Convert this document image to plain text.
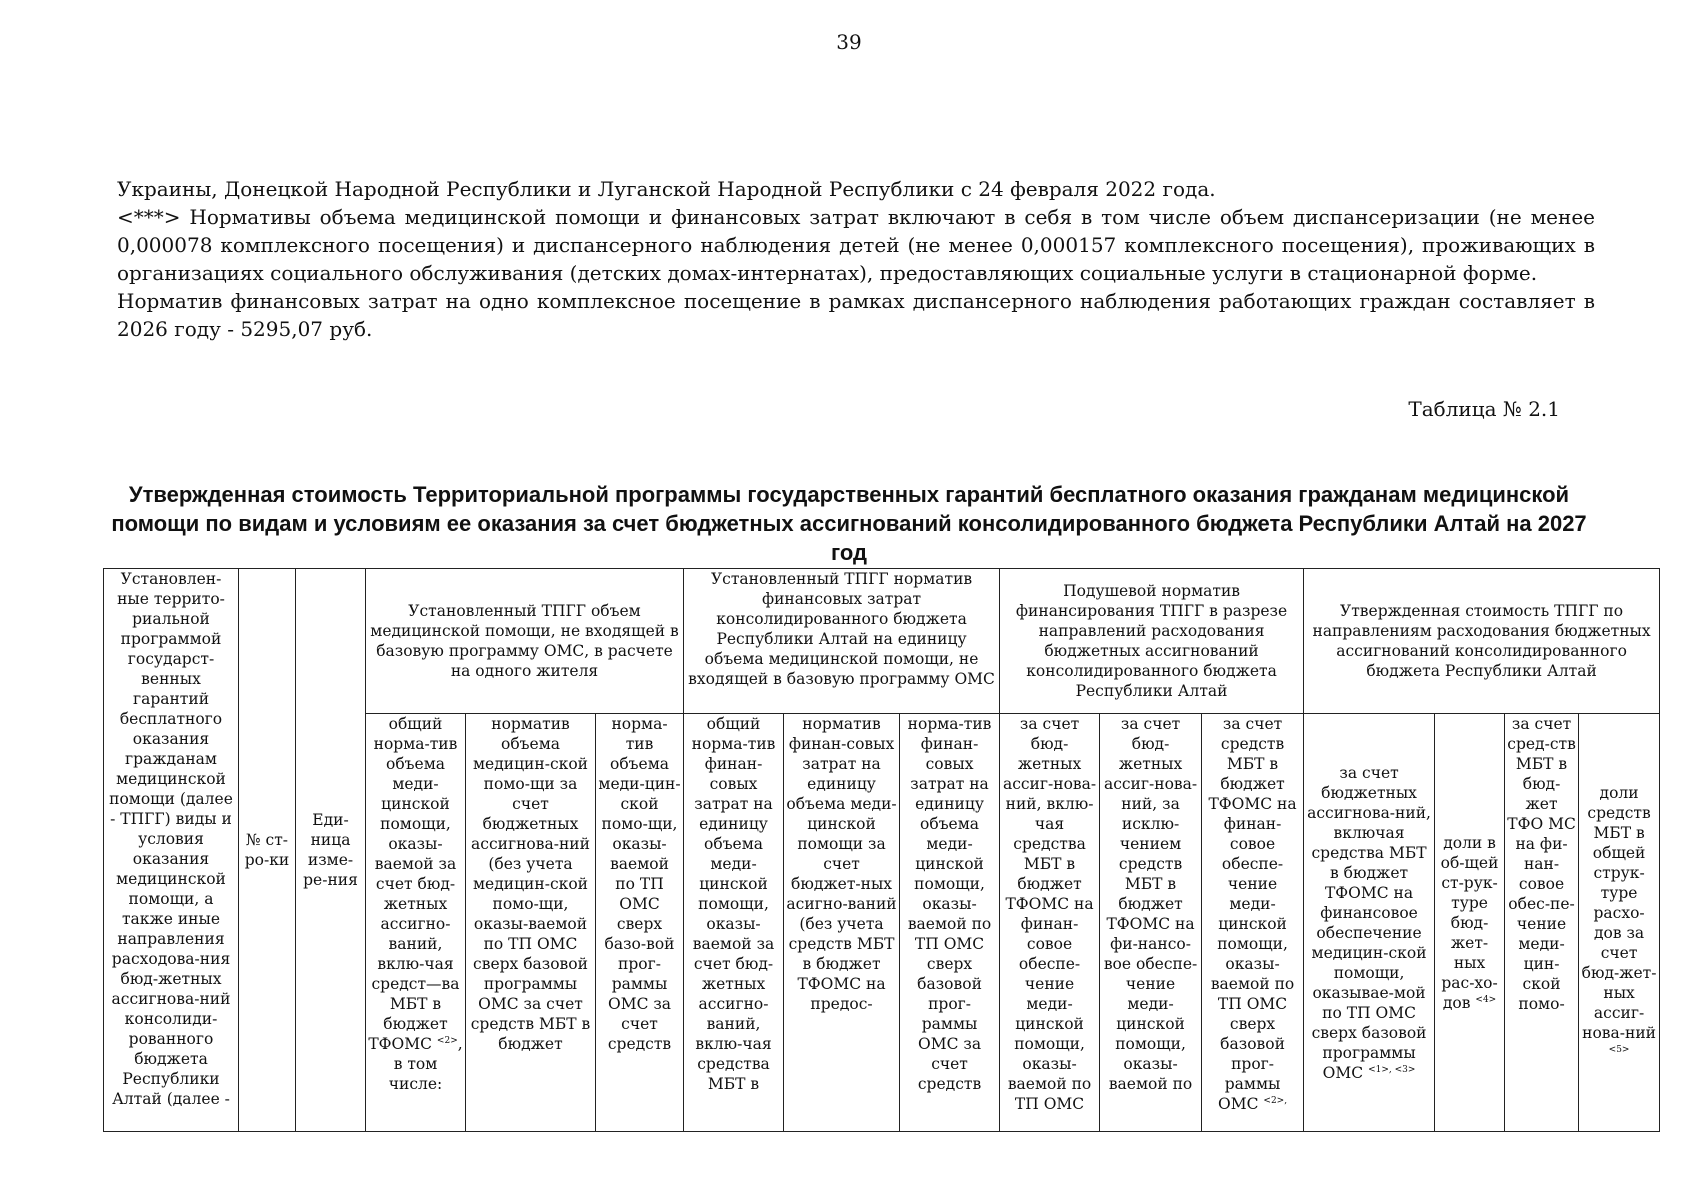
39

Украины, Донецкой Народной Республики и Луганской Народной Республики с 24 февраля 2022 года.

<***> Нормативы объема медицинской помощи и финансовых затрат включают в себя в том числе объем диспансеризации (не менее 0,000078 комплексного посещения) и диспансерного наблюдения детей (не менее 0,000157 комплексного посещения), проживающих в организациях социального обслуживания (детских домах-интернатах), предоставляющих социальные услуги в стационарной форме.

Норматив финансовых затрат на одно комплексное посещение в рамках диспансерного наблюдения работающих граждан составляет в 2026 году - 5295,07 руб.

Таблица № 2.1
Утвержденная стоимость Территориальной программы государственных гарантий бесплатного оказания гражданам медицинской помощи по видам и условиям ее оказания за счет бюджетных ассигнований консолидированного бюджета Республики Алтай на 2027 год
Установлен-ные террито-риальной программой государст-венных гарантий бесплатного оказания гражданам медицинской помощи (далее - ТПГГ) виды и условия оказания медицинской помощи, а также иные направления расходова-ния бюд-жетных ассигнова-ний консолиди-рованного бюджета Республики Алтай (далее -	№ ст-ро-ки	Еди-ница изме-ре-ния	Установленный ТПГГ объем медицинской помощи, не входящей в базовую программу ОМС, в расчете на одного жителя			Установленный ТПГГ норматив финансовых затрат консолидированного бюджета Республики Алтай на единицу объема медицинской помощи, не входящей в базовую программу ОМС			Подушевой норматив финансирования ТПГГ в разрезе направлений расходования бюджетных ассигнований консолидированного бюджета Республики Алтай			Утвержденная стоимость ТПГГ по направлениям расходования бюджетных ассигнований консолидированного бюджета Республики Алтай			
			общий норма-тив объема меди-цинской помощи, оказы-ваемой за счет бюд-жетных ассигно-ваний, вклю-чая средст—ва МБТ в бюджет ТФОМС $^{<2>}$, в том числе:	норматив объема медицин-ской помо-щи за счет бюджетных ассигнова-ний (без учета медицин-ской помо-щи, оказы-ваемой по ТП ОМС сверх базовой программы ОМС за счет средств МБТ в бюджет	норма-тив объема меди-цин-ской помо-щи, оказы-ваемой по ТП ОМС сверх базо-вой прог-раммы ОМС за счет средств	общий норма-тив финан-совых затрат на единицу объема меди-цинской помощи, оказы-ваемой за счет бюд-жетных ассигно-ваний, вклю-чая средства МБТ в	норматив финан-совых затрат на единицу объема меди-цинской помощи за счет бюджет-ных асигно-ваний (без учета средств МБТ в бюджет ТФОМС на предос-	норма-тив финан-совых затрат на единицу объема меди-цинской помощи, оказы-ваемой по ТП ОМС сверх базовой прог-раммы ОМС за счет средств	за счет бюд-жетных ассиг-нова-ний, вклю-чая средства МБТ в бюджет ТФОМС на финан-совое обеспе-чение меди-цинской помощи, оказы-ваемой по ТП ОМС	за счет бюд-жетных ассиг-нова-ний, за исклю-чением средств МБТ в бюджет ТФОМС на фи-нансо-вое обеспе-чение меди-цинской помощи, оказы-ваемой по	за счет средств МБТ в бюджет ТФОМС на финан-совое обеспе-чение меди-цинской помощи, оказы-ваемой по ТП ОМС сверх базовой прог-раммы ОМС $^{<2>,}$	за счет бюджетных ассигнова-ний, включая средства МБТ в бюджет ТФОМС на финансовое обеспечение медицин-ской помощи, оказывае-мой по ТП ОМС сверх базовой программы ОМС $^{<1>, <3>}$	доли в об-щей ст-рук-туре бюд-жет-ных рас-хо-дов $^{<4>}$	за счет сред-ств МБТ в бюд-жет ТФО МС на фи-нан-совое обес-пе-чение меди-цин-ской помо-	доли средств МБТ в общей струк-туре расхо-дов за счет бюд-жет-ных ассиг-нова-ний $^{<5>}$
